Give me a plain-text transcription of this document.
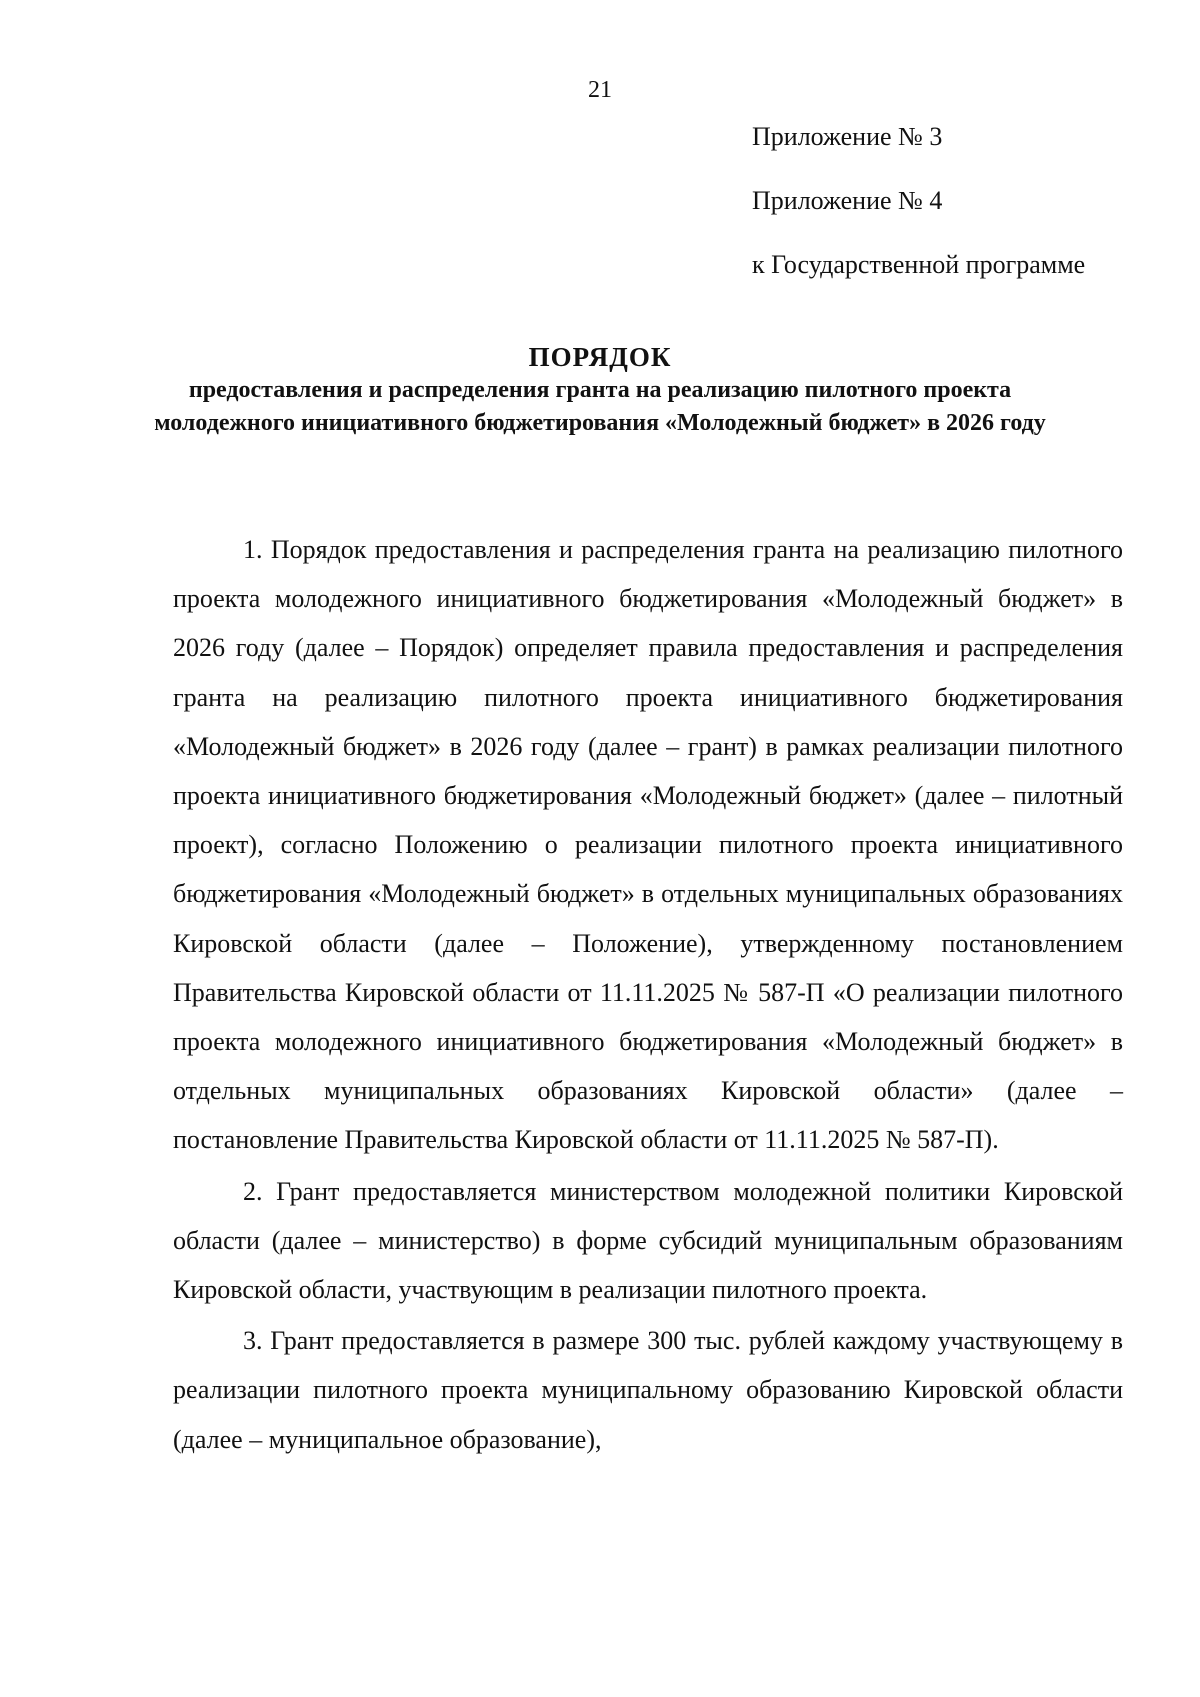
21
Приложение № 3
Приложение № 4
к Государственной программе
ПОРЯДОК
предоставления и распределения гранта на реализацию пилотного проекта молодежного инициативного бюджетирования «Молодежный бюджет» в 2026 году

1. Порядок предоставления и распределения гранта на реализацию пилотного проекта молодежного инициативного бюджетирования «Молодежный бюджет» в 2026 году (далее – Порядок) определяет правила предоставления и распределения гранта на реализацию пилотного проекта инициативного бюджетирования «Молодежный бюджет» в 2026 году (далее – грант) в рамках реализации пилотного проекта инициативного бюджетирования «Молодежный бюджет» (далее – пилотный проект), согласно Положению о реализации пилотного проекта инициативного бюджетирования «Молодежный бюджет» в отдельных муниципальных образованиях Кировской области (далее – Положение), утвержденному постановлением Правительства Кировской области от 11.11.2025 № 587-П «О реализации пилотного проекта молодежного инициативного бюджетирования «Молодежный бюджет» в отдельных муниципальных образованиях Кировской области» (далее – постановление Правительства Кировской области от 11.11.2025 № 587-П).

2. Грант предоставляется министерством молодежной политики Кировской области (далее – министерство) в форме субсидий муниципальным образованиям Кировской области, участвующим в реализации пилотного проекта.

3. Грант предоставляется в размере 300 тыс. рублей каждому участвующему в реализации пилотного проекта муниципальному образованию Кировской области (далее – муниципальное образование),
